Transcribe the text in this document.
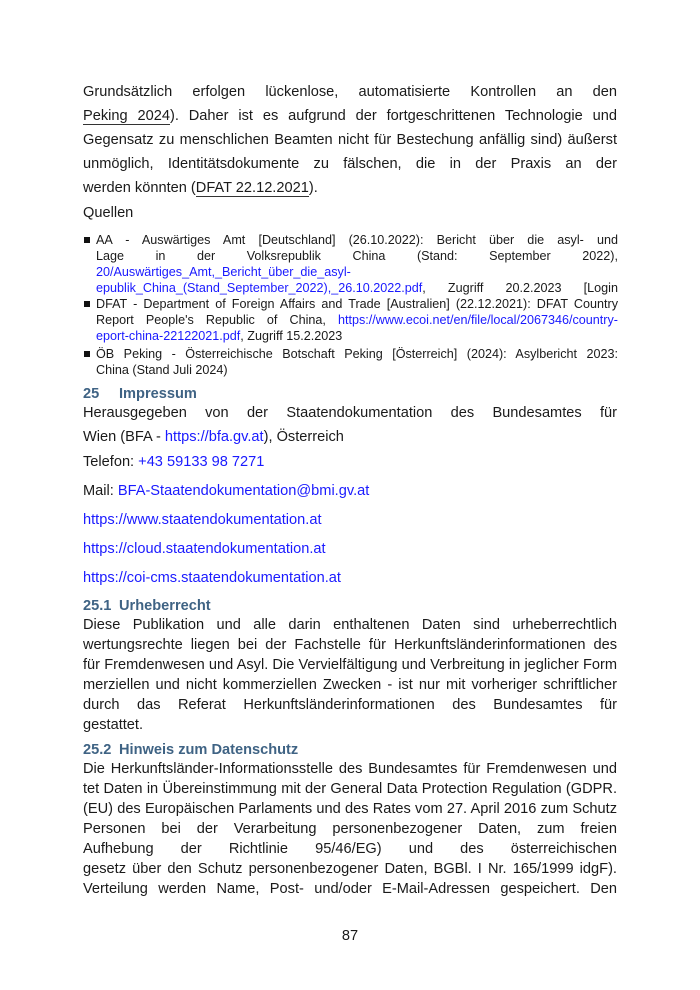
Grundsätzlich erfolgen lückenlose, automatisierte Kontrollen an den
Peking 2024). Daher ist es aufgrund der fortgeschrittenen Technologie und
Gegensatz zu menschlichen Beamten nicht für Bestechung anfällig sind) äußerst
unmöglich, Identitätsdokumente zu fälschen, die in der Praxis an der
werden könnten (DFAT 22.12.2021).
Quellen
AA - Auswärtiges Amt [Deutschland] (26.10.2022): Bericht über die asyl- und
Lage in der Volksrepublik China (Stand: September 2022),
20/Auswärtiges_Amt,_Bericht_über_die_asyl-
epublik_China_(Stand_September_2022),_26.10.2022.pdf, Zugriff 20.2.2023 [Login
DFAT - Department of Foreign Affairs and Trade [Australien] (22.12.2021): DFAT Country
Report People's Republic of China, https://www.ecoi.net/en/file/local/2067346/country-
eport-china-22122021.pdf, Zugriff 15.2.2023
ÖB Peking - Österreichische Botschaft Peking [Österreich] (2024): Asylbericht 2023:
China (Stand Juli 2024)
25 Impressum
Herausgegeben von der Staatendokumentation des Bundesamtes für
Wien (BFA - https://bfa.gv.at), Österreich
Telefon: +43 59133 98 7271
Mail: BFA-Staatendokumentation@bmi.gv.at
https://www.staatendokumentation.at
https://cloud.staatendokumentation.at
https://coi-cms.staatendokumentation.at
25.1 Urheberrecht
Diese Publikation und alle darin enthaltenen Daten sind urheberrechtlich
wertungsrechte liegen bei der Fachstelle für Herkunftsländerinformationen des
für Fremdenwesen und Asyl. Die Vervielfältigung und Verbreitung in jeglicher Form
merziellen und nicht kommerziellen Zwecken - ist nur mit vorheriger schriftlicher
durch das Referat Herkunftsländerinformationen des Bundesamtes für
gestattet.
25.2 Hinweis zum Datenschutz
Die Herkunftsländer-Informationsstelle des Bundesamtes für Fremdenwesen und
tet Daten in Übereinstimmung mit der General Data Protection Regulation (GDPR.
(EU) des Europäischen Parlaments und des Rates vom 27. April 2016 zum Schutz
Personen bei der Verarbeitung personenbezogener Daten, zum freien
Aufhebung der Richtlinie 95/46/EG) und des österreichischen
gesetz über den Schutz personenbezogener Daten, BGBl. I Nr. 165/1999 idgF).
Verteilung werden Name, Post- und/oder E-Mail-Adressen gespeichert. Den
87
